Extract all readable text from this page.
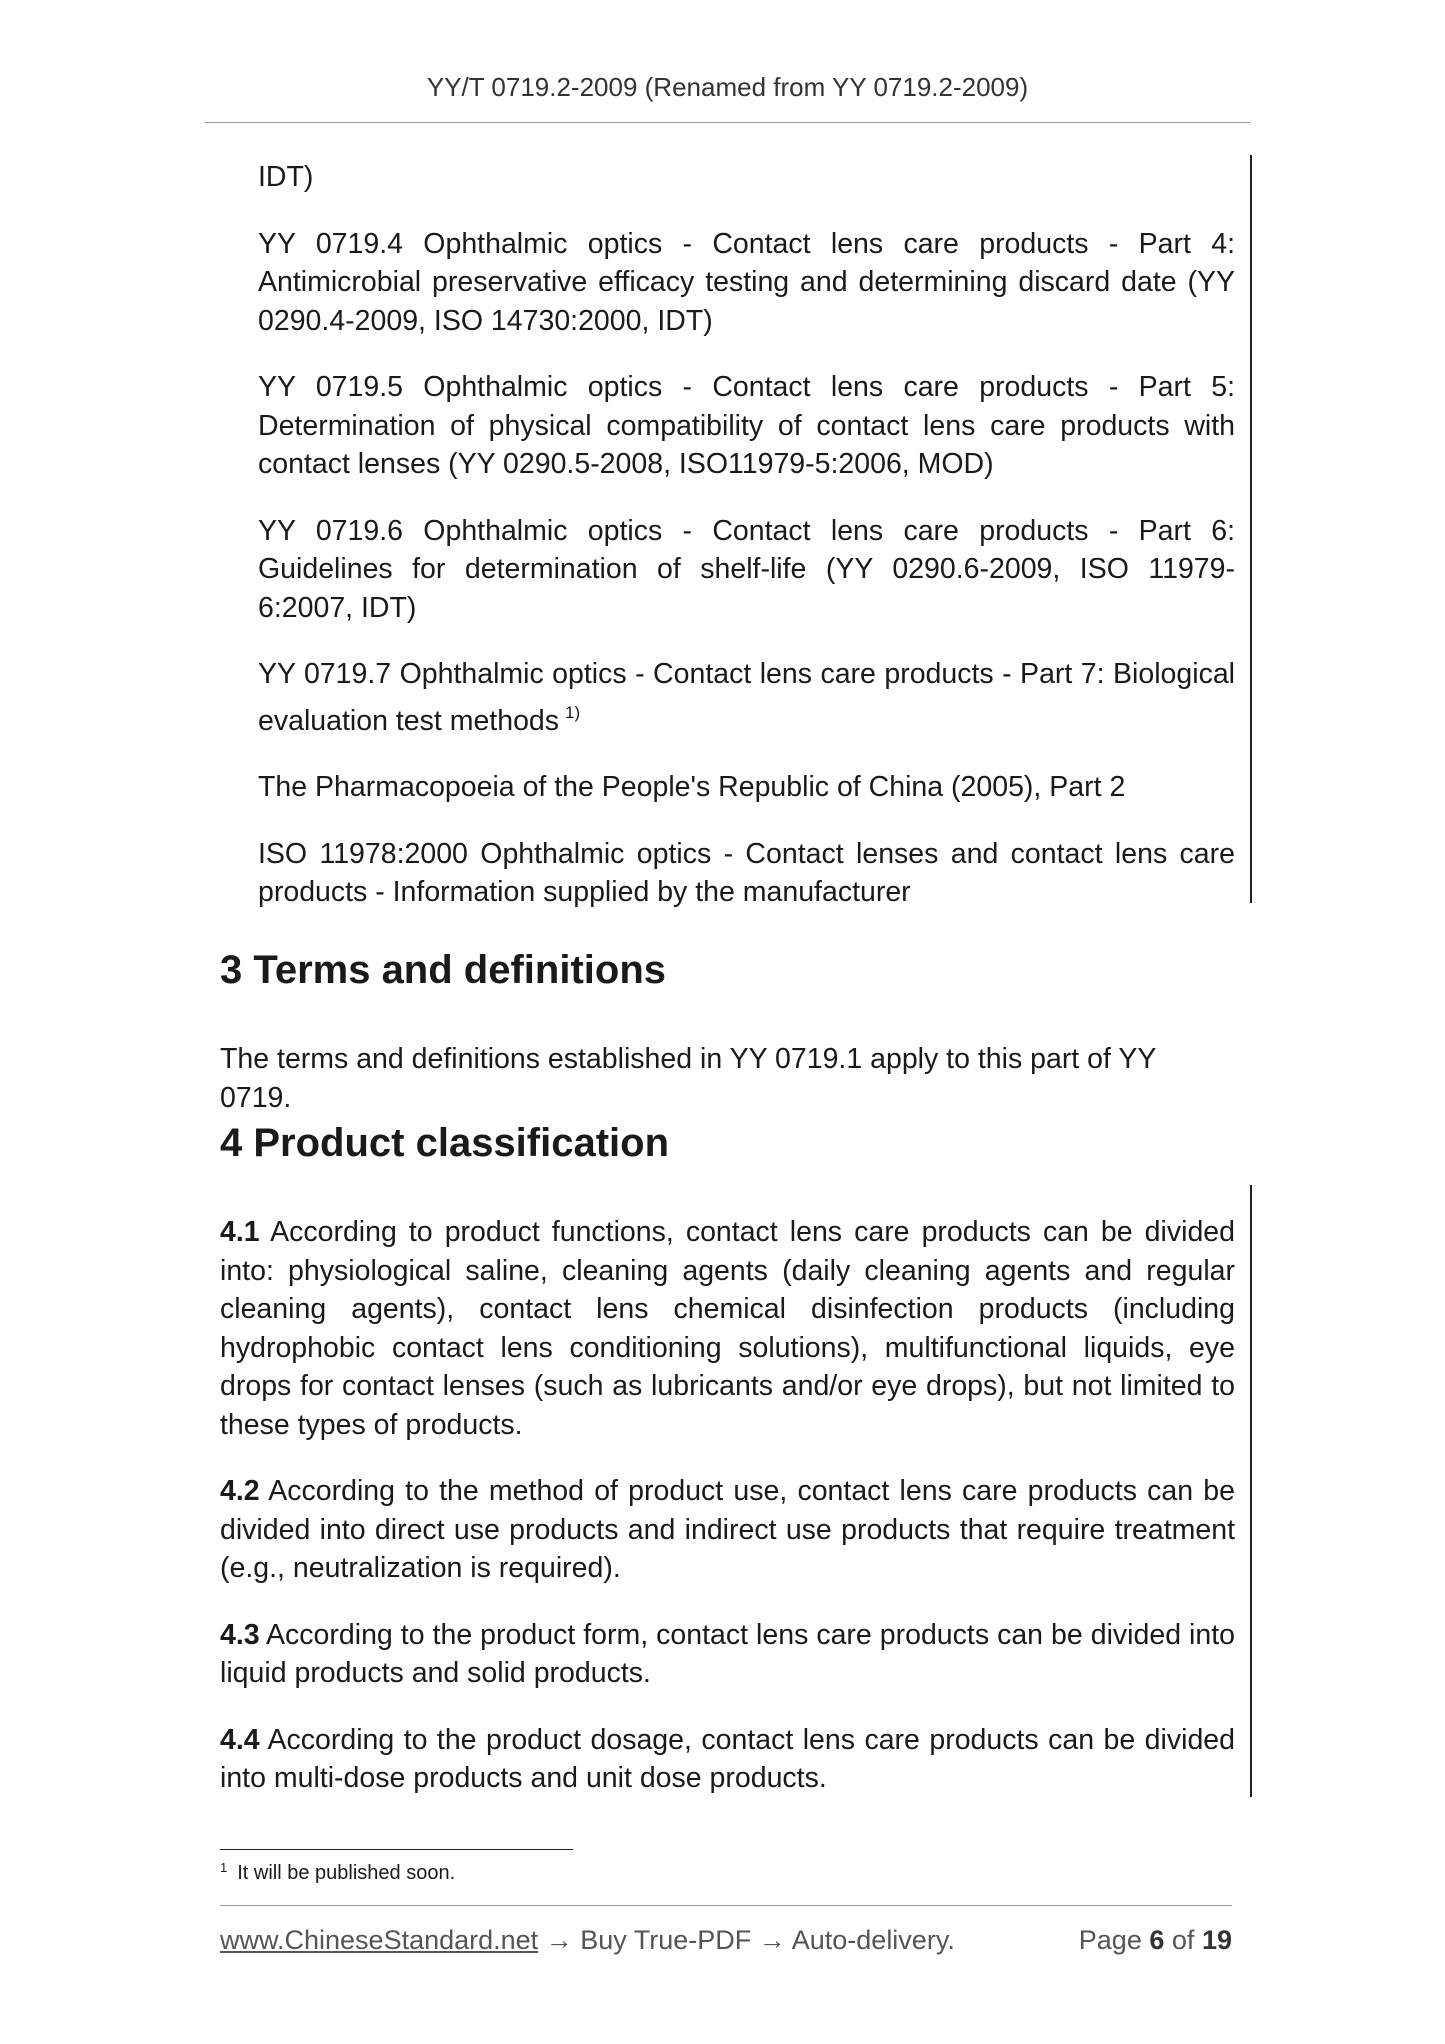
YY/T 0719.2-2009 (Renamed from YY 0719.2-2009)

IDT)

YY 0719.4 Ophthalmic optics - Contact lens care products - Part 4: Antimicrobial preservative efficacy testing and determining discard date (YY 0290.4-2009, ISO 14730:2000, IDT)

YY 0719.5 Ophthalmic optics - Contact lens care products - Part 5: Determination of physical compatibility of contact lens care products with contact lenses (YY 0290.5-2008, ISO11979-5:2006, MOD)

YY 0719.6 Ophthalmic optics - Contact lens care products - Part 6: Guidelines for determination of shelf-life (YY 0290.6-2009, ISO 11979-6:2007, IDT)

YY 0719.7 Ophthalmic optics - Contact lens care products - Part 7: Biological evaluation test methods $^{1)}$

The Pharmacopoeia of the People's Republic of China (2005), Part 2

ISO 11978:2000 Ophthalmic optics - Contact lenses and contact lens care products - Information supplied by the manufacturer

3 Terms and definitions

The terms and definitions established in YY 0719.1 apply to this part of YY 0719.

4 Product classification

4.1 According to product functions, contact lens care products can be divided into: physiological saline, cleaning agents (daily cleaning agents and regular cleaning agents), contact lens chemical disinfection products (including hydrophobic contact lens conditioning solutions), multifunctional liquids, eye drops for contact lenses (such as lubricants and/or eye drops), but not limited to these types of products.

4.2 According to the method of product use, contact lens care products can be divided into direct use products and indirect use products that require treatment (e.g., neutralization is required).

4.3 According to the product form, contact lens care products can be divided into liquid products and solid products.

4.4 According to the product dosage, contact lens care products can be divided into multi-dose products and unit dose products.

$^1$ It will be published soon.
www.ChineseStandard.net → Buy True-PDF → Auto-delivery.	Page 6 of 19
